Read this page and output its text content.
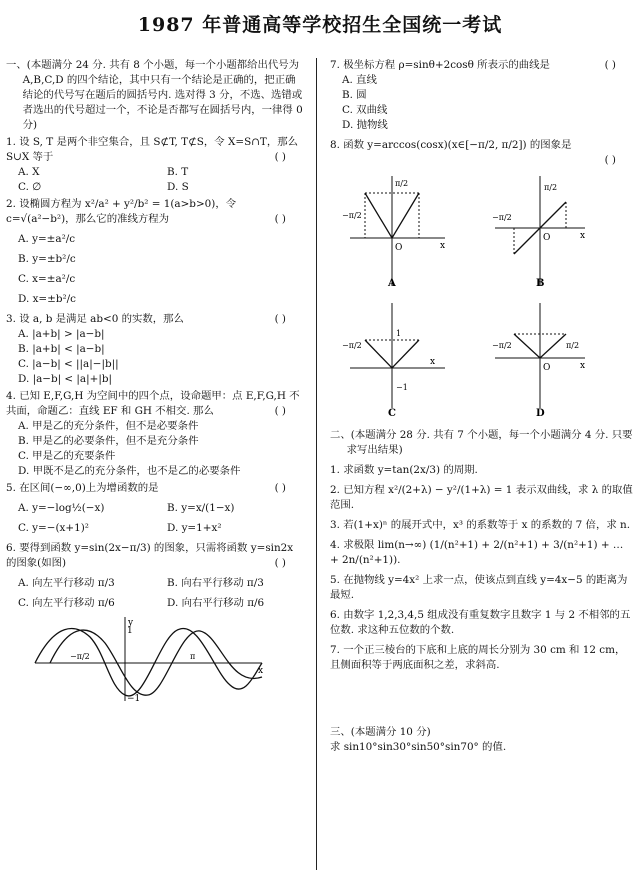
1987 年普通高等学校招生全国统一考试
一、(本题满分 24 分. 共有 8 个小题，每一个小题都给出代号为 A,B,C,D 的四个结论，其中只有一个结论是正确的，把正确结论的代号写在题后的圆括号内. 选对得 3 分，不选、选错或者选出的代号超过一个，不论是否都写在圆括号内，一律得 0 分)
1. 设 S, T 是两个非空集合，且 S⊄T, T⊄S，令 X=S∩T，那么 S∪X 等于	( )
A. X	B. T
C. ∅	D. S
2. 设椭圆方程为 x²/a² + y²/b² = 1(a>b>0)，令 c=√(a²−b²)，那么它的准线方程为	( )
A. y=±a²/c
B. y=±b²/c
C. x=±a²/c
D. x=±b²/c
3. 设 a, b 是满足 ab<0 的实数，那么	( )
A. |a+b| > |a−b|
B. |a+b| < |a−b|
C. |a−b| < ||a|−|b||
D. |a−b| < |a|+|b|
4. 已知 E,F,G,H 为空间中的四个点，设命题甲：点 E,F,G,H 不共面，命题乙：直线 EF 和 GH 不相交. 那么	( )
A. 甲是乙的充分条件，但不是必要条件
B. 甲是乙的必要条件，但不是充分条件
C. 甲是乙的充要条件
D. 甲既不是乙的充分条件，也不是乙的必要条件
5. 在区间(−∞,0)上为增函数的是	( )
A. y=−log½(−x)	B. y=x/(1−x)
C. y=−(x+1)²	D. y=1+x²
6. 要得到函数 y=sin(2x−π/3) 的图象，只需将函数 y=sin2x 的图象(如图)	( )
A. 向左平行移动 π/3	B. 向右平行移动 π/3
C. 向左平行移动 π/6	D. 向右平行移动 π/6
y
1
−1
−π/2	π
x
7. 极坐标方程 ρ=sinθ+2cosθ 所表示的曲线是	( )
A. 直线
B. 圆
C. 双曲线
D. 抛物线
8. 函数 y=arccos(cosx)(x∈[−π/2, π/2]) 的图象是
( )
−π/2
π/2
O	x
A
−π/2
π/2
O	x
B
−π/2
1
−1
x
C
−π/2	π/2
O	x
D
二、(本题满分 28 分. 共有 7 个小题，每一个小题满分 4 分. 只要求写出结果)
1. 求函数 y=tan(2x/3) 的周期.
2. 已知方程 x²/(2+λ) − y²/(1+λ) = 1 表示双曲线，求 λ 的取值范围.
3. 若(1+x)ⁿ 的展开式中，x³ 的系数等于 x 的系数的 7 倍，求 n.
4. 求极限 lim(n→∞) (1/(n²+1) + 2/(n²+1) + 3/(n²+1) + … + 2n/(n²+1)).
5. 在抛物线 y=4x² 上求一点，使该点到直线 y=4x−5 的距离为最短.
6. 由数字 1,2,3,4,5 组成没有重复数字且数字 1 与 2 不相邻的五位数. 求这种五位数的个数.
7. 一个正三棱台的下底和上底的周长分别为 30 cm 和 12 cm，且侧面积等于两底面积之差，求斜高.
三、(本题满分 10 分)
求 sin10°sin30°sin50°sin70° 的值.
